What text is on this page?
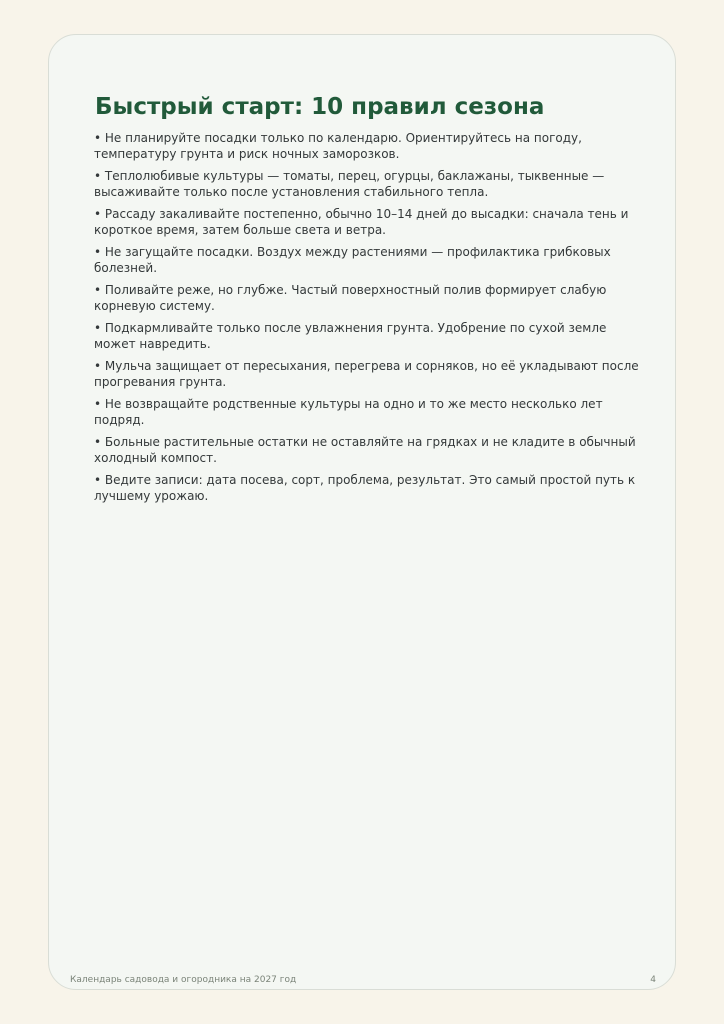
Быстрый старт: 10 правил сезона
• Не планируйте посадки только по календарю. Ориентируйтесь на погоду, температуру грунта и риск ночных заморозков.
• Теплолюбивые культуры — томаты, перец, огурцы, баклажаны, тыквенные — высаживайте только после установления стабильного тепла.
• Рассаду закаливайте постепенно, обычно 10–14 дней до высадки: сначала тень и короткое время, затем больше света и ветра.
• Не загущайте посадки. Воздух между растениями — профилактика грибковых болезней.
• Поливайте реже, но глубже. Частый поверхностный полив формирует слабую корневую систему.
• Подкармливайте только после увлажнения грунта. Удобрение по сухой земле может навредить.
• Мульча защищает от пересыхания, перегрева и сорняков, но её укладывают после прогревания грунта.
• Не возвращайте родственные культуры на одно и то же место несколько лет подряд.
• Больные растительные остатки не оставляйте на грядках и не кладите в обычный холодный компост.
• Ведите записи: дата посева, сорт, проблема, результат. Это самый простой путь к лучшему урожаю.
Календарь садовода и огородника на 2027 год	4
